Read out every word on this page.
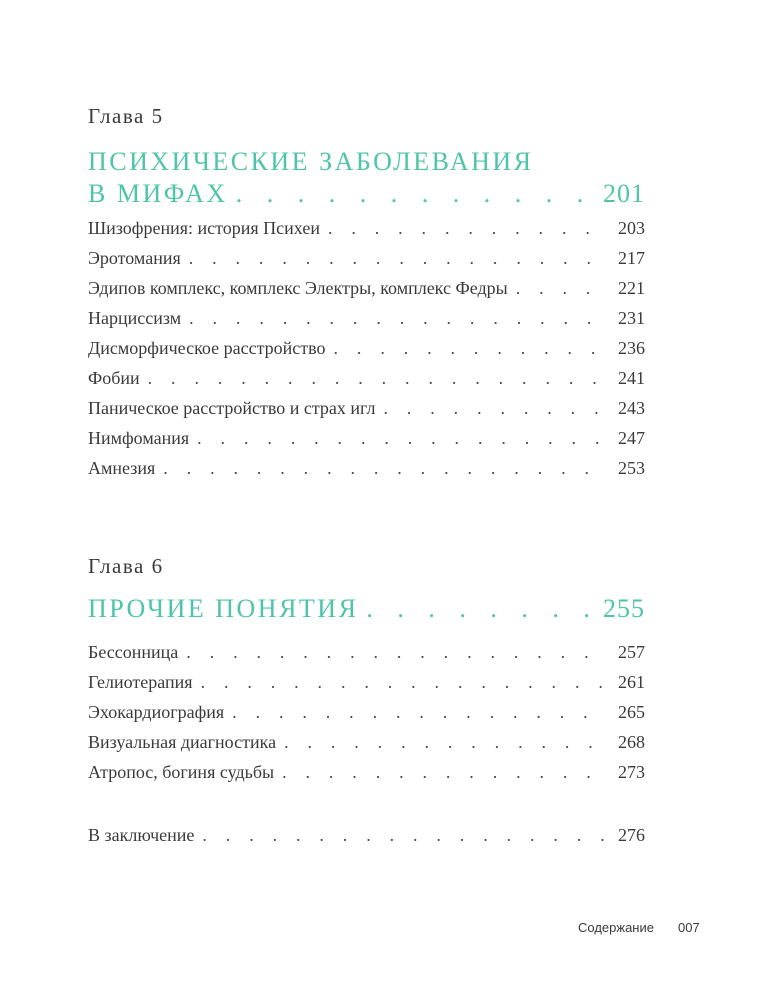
Глава 5
ПСИХИЧЕСКИЕ ЗАБОЛЕВАНИЯ
В МИФАХ . . .	201
Шизофрения: история Психеи . . .	203
Эротомания . . .	217
Эдипов комплекс, комплекс Электры, комплекс Федры . . .	221
Нарциссизм . . .	231
Дисморфическое расстройство . . .	236
Фобии . . .	241
Паническое расстройство и страх игл . . .	243
Нимфомания . . .	247
Амнезия . . .	253
Глава 6
ПРОЧИЕ ПОНЯТИЯ . . .	255
Бессонница . . .	257
Гелиотерапия . . .	261
Эхокардиография . . .	265
Визуальная диагностика . . .	268
Атропос, богиня судьбы . . .	273
В заключение . . .	276
Содержание 007
